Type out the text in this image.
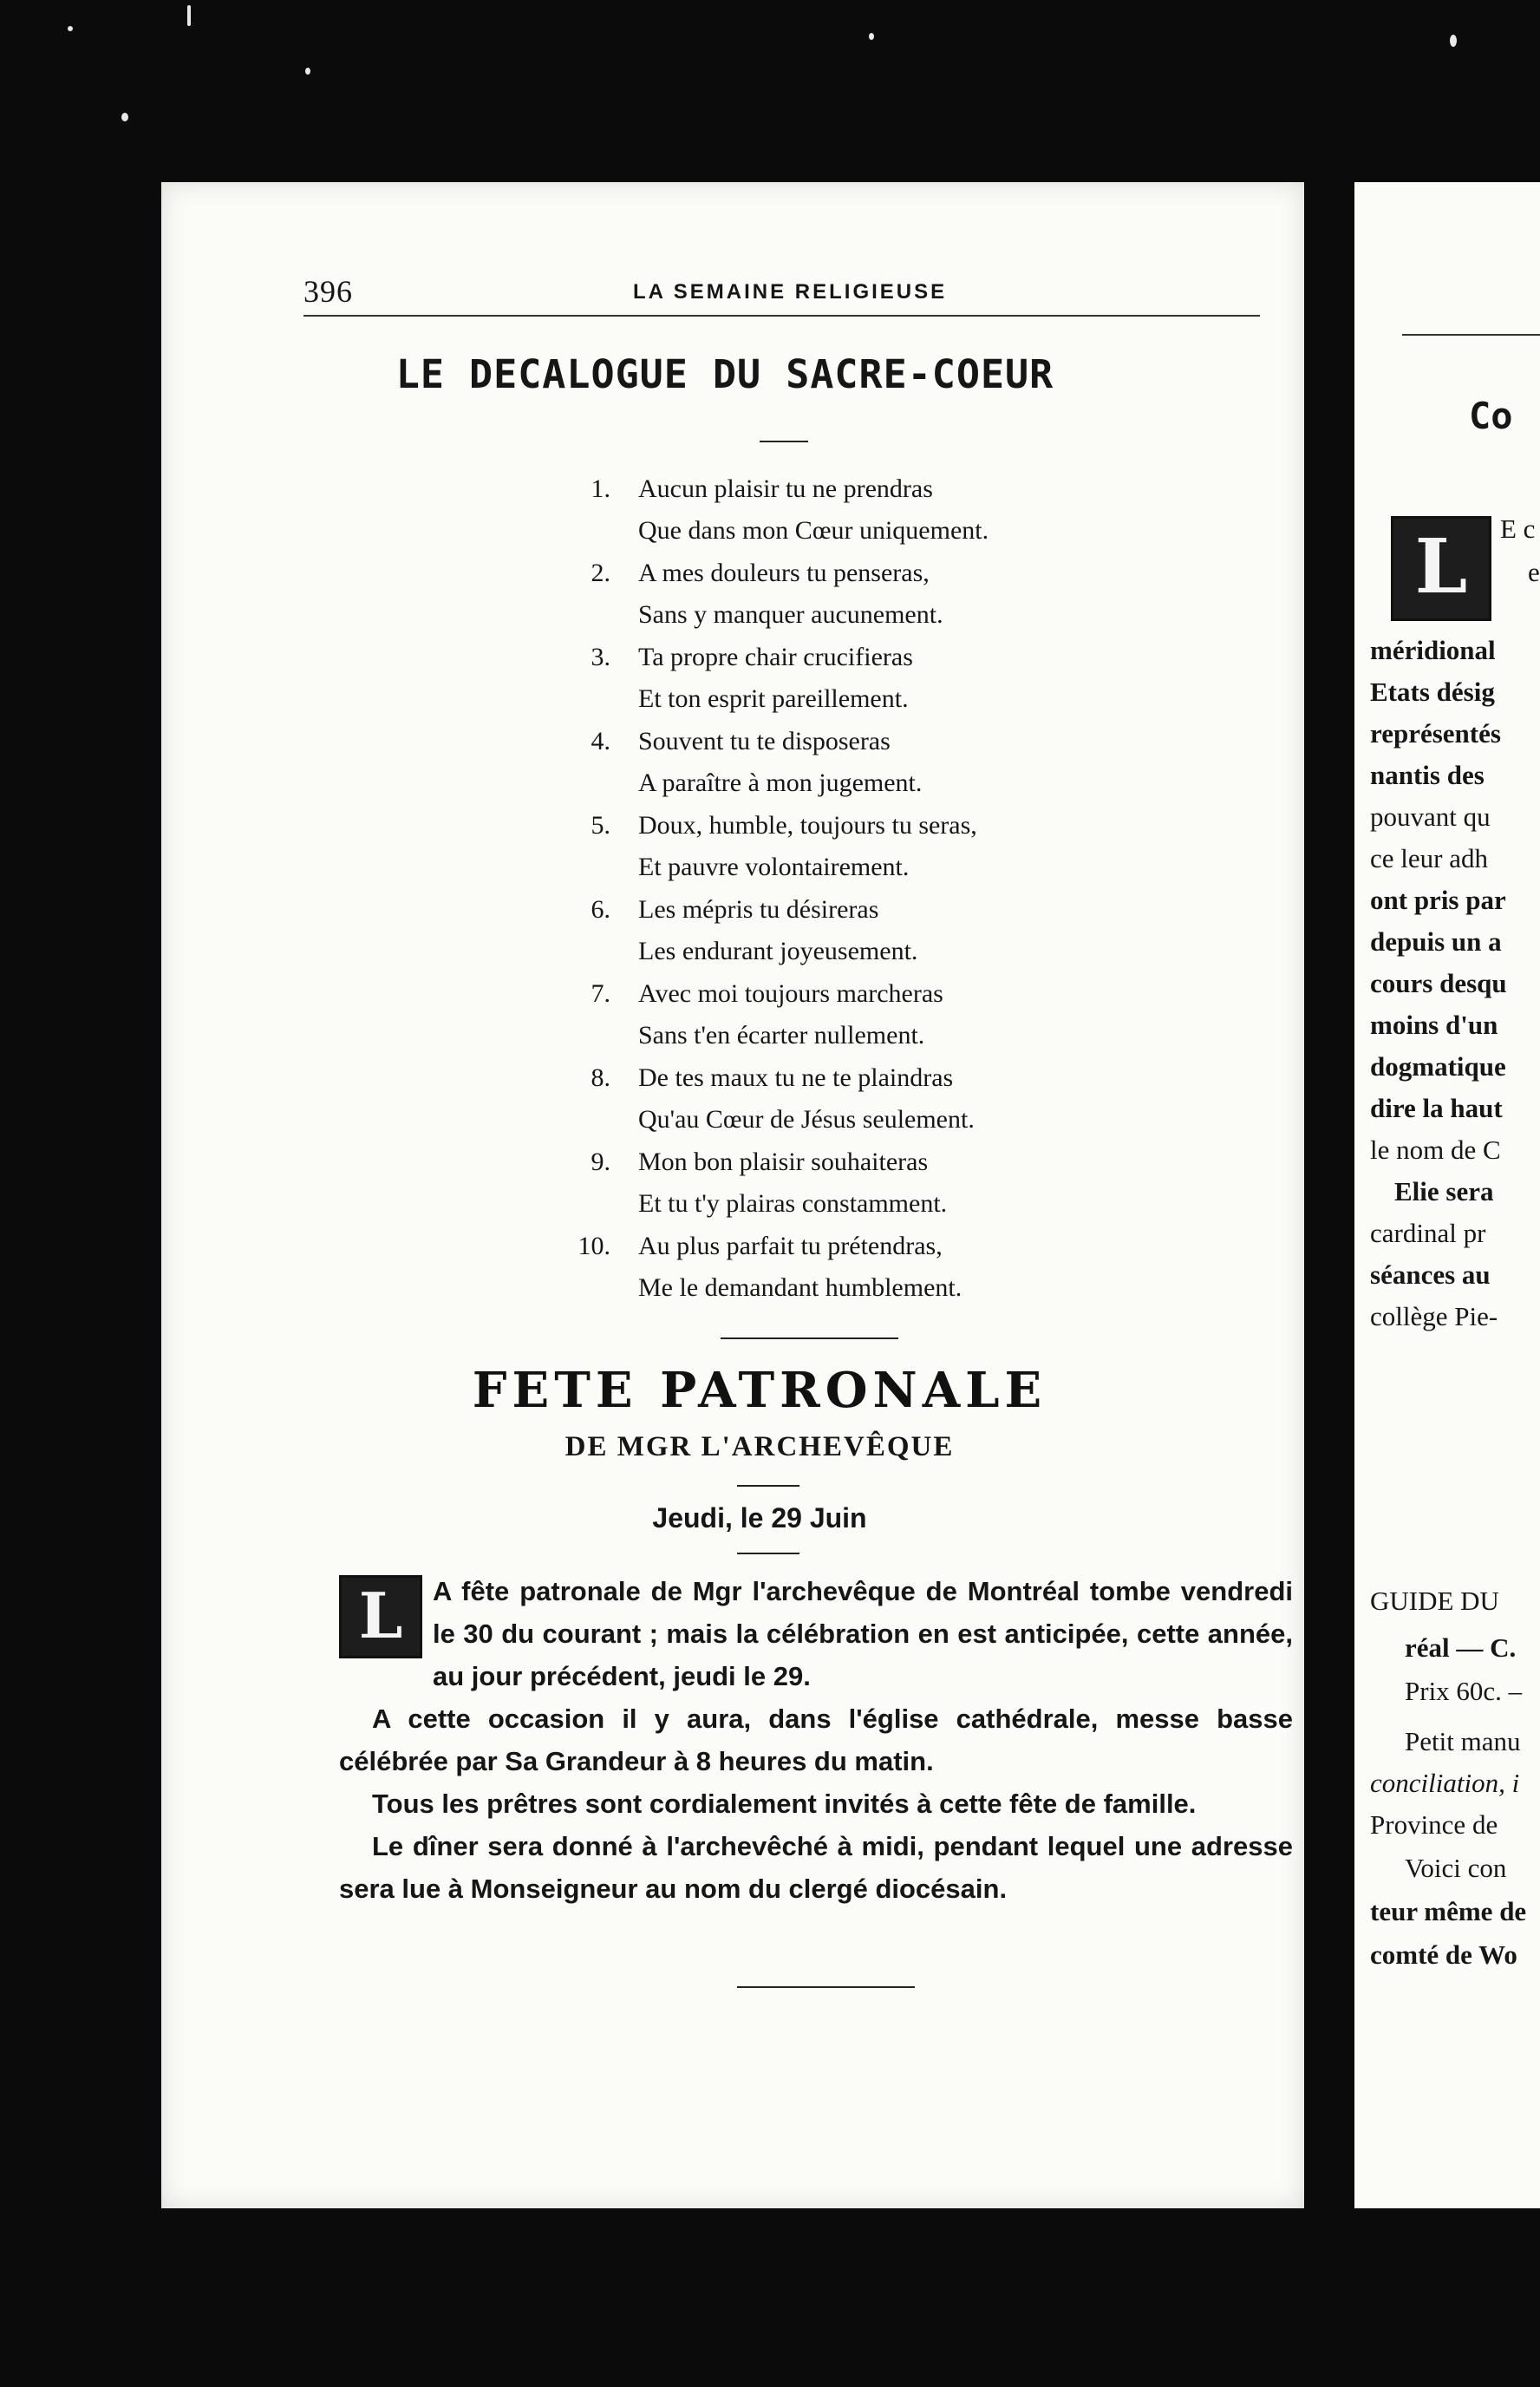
396	LA SEMAINE RELIGIEUSE
LE DECALOGUE DU SACRE-COEUR
1. Aucun plaisir tu ne prendras
Que dans mon Cœur uniquement.
2. A mes douleurs tu penseras,
Sans y manquer aucunement.
3. Ta propre chair crucifieras
Et ton esprit pareillement.
4. Souvent tu te disposeras
A paraître à mon jugement.
5. Doux, humble, toujours tu seras,
Et pauvre volontairement.
6. Les mépris tu désireras
Les endurant joyeusement.
7. Avec moi toujours marcheras
Sans t'en écarter nullement.
8. De tes maux tu ne te plaindras
Qu'au Cœur de Jésus seulement.
9. Mon bon plaisir souhaiteras
Et tu t'y plairas constamment.
10. Au plus parfait tu prétendras,
Me le demandant humblement.
FETE PATRONALE
DE MGR L'ARCHEVÊQUE
Jeudi, le 29 Juin

L	A fête patronale de Mgr l'archevêque de Montréal tombe vendredi le 30 du courant ; mais la célébration en est anticipée, cette année, au jour précédent, jeudi le 29.

A cette occasion il y aura, dans l'église cathédrale, messe basse célébrée par Sa Grandeur à 8 heures du matin.

Tous les prêtres sont cordialement invités à cette fête de famille.

Le dîner sera donné à l'archevêché à midi, pendant lequel une adresse sera lue à Monseigneur au nom du clergé diocésain.

Co
L	E c
e
méridional
Etats désig
représentés
nantis des
pouvant qu
ce leur adh
ont pris par
depuis un a
cours desqu
moins d'un
dogmatique
dire la haut
le nom de C
Elie sera
cardinal pr
séances au
collège Pie-
GUIDE DU
réal — C.
Prix 60c. –
Petit manu
conciliation, i
Province de
Voici con
teur même de
comté de Wo
